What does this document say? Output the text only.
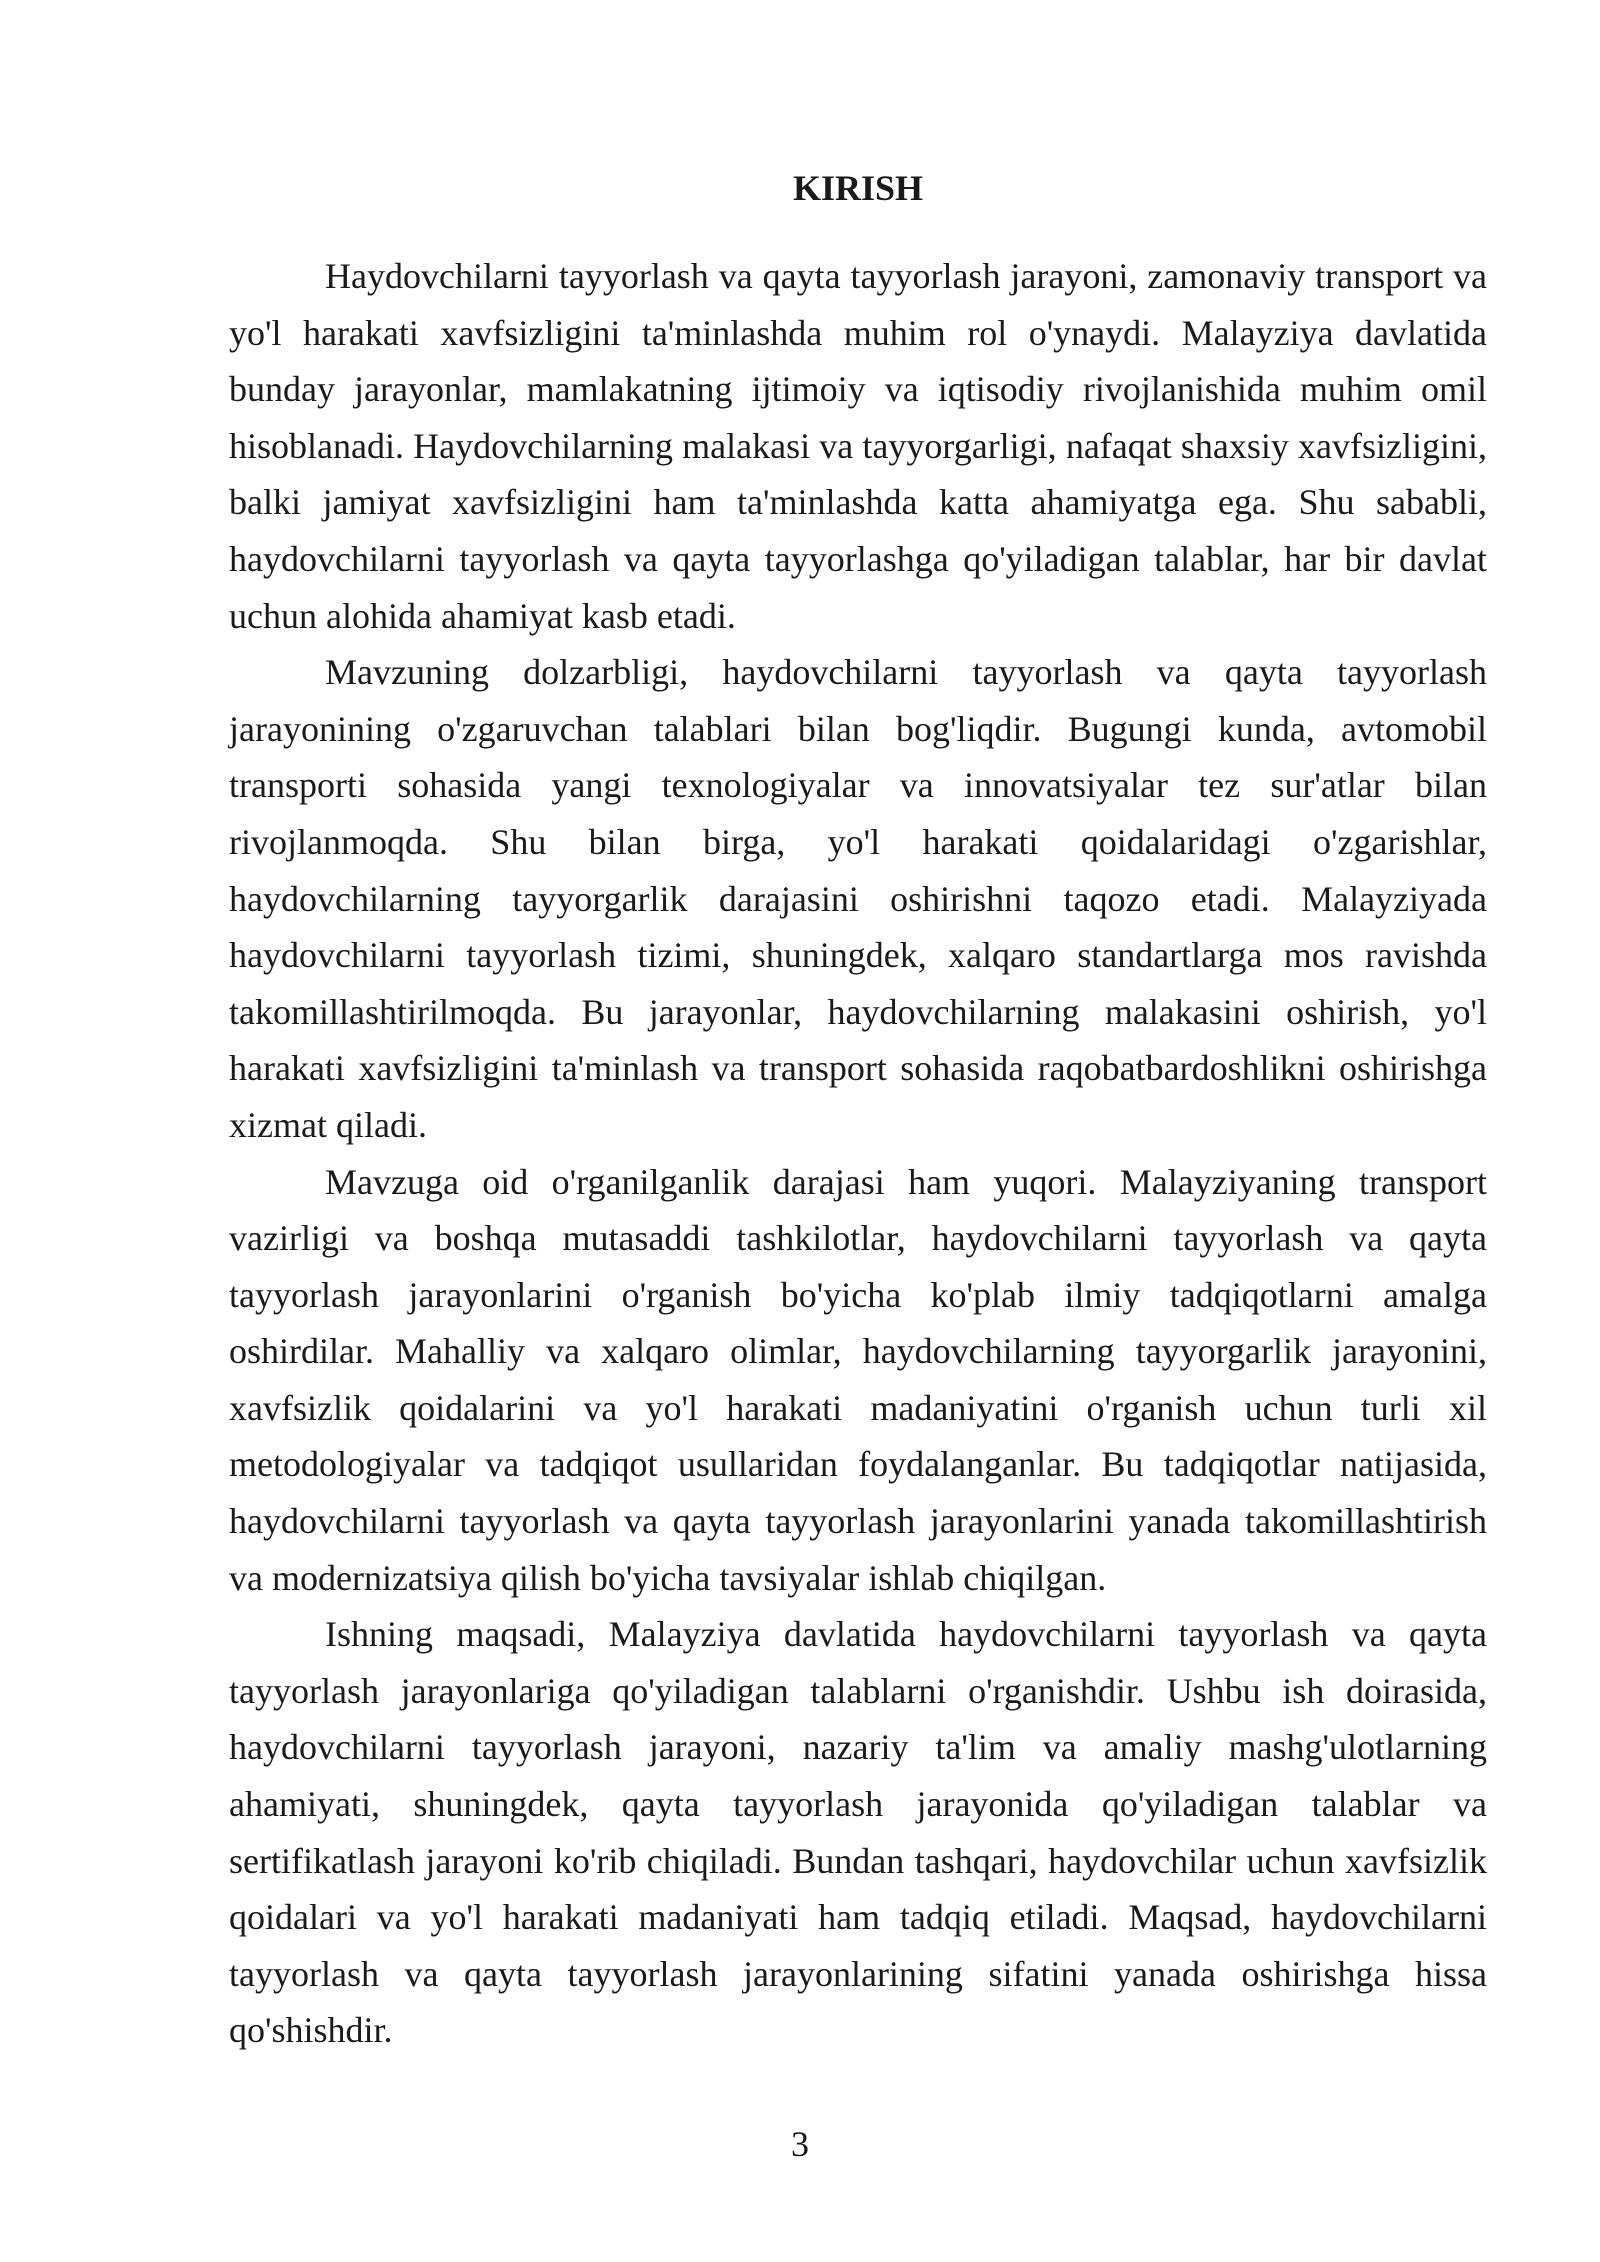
KIRISH

Haydovchilarni tayyorlash va qayta tayyorlash jarayoni, zamonaviy transport va yo'l harakati xavfsizligini ta'minlashda muhim rol o'ynaydi. Malayziya davlatida bunday jarayonlar, mamlakatning ijtimoiy va iqtisodiy rivojlanishida muhim omil hisoblanadi. Haydovchilarning malakasi va tayyorgarligi, nafaqat shaxsiy xavfsizligini, balki jamiyat xavfsizligini ham ta'minlashda katta ahamiyatga ega. Shu sababli, haydovchilarni tayyorlash va qayta tayyorlashga qo'yiladigan talablar, har bir davlat uchun alohida ahamiyat kasb etadi.

Mavzuning dolzarbligi, haydovchilarni tayyorlash va qayta tayyorlash jarayonining o'zgaruvchan talablari bilan bog'liqdir. Bugungi kunda, avtomobil transporti sohasida yangi texnologiyalar va innovatsiyalar tez sur'atlar bilan rivojlanmoqda. Shu bilan birga, yo'l harakati qoidalaridagi o'zgarishlar, haydovchilarning tayyorgarlik darajasini oshirishni taqozo etadi. Malayziyada haydovchilarni tayyorlash tizimi, shuningdek, xalqaro standartlarga mos ravishda takomillashtirilmoqda. Bu jarayonlar, haydovchilarning malakasini oshirish, yo'l harakati xavfsizligini ta'minlash va transport sohasida raqobatbardoshlikni oshirishga xizmat qiladi.

Mavzuga oid o'rganilganlik darajasi ham yuqori. Malayziyaning transport vazirligi va boshqa mutasaddi tashkilotlar, haydovchilarni tayyorlash va qayta tayyorlash jarayonlarini o'rganish bo'yicha ko'plab ilmiy tadqiqotlarni amalga oshirdilar. Mahalliy va xalqaro olimlar, haydovchilarning tayyorgarlik jarayonini, xavfsizlik qoidalarini va yo'l harakati madaniyatini o'rganish uchun turli xil metodologiyalar va tadqiqot usullaridan foydalanganlar. Bu tadqiqotlar natijasida, haydovchilarni tayyorlash va qayta tayyorlash jarayonlarini yanada takomillashtirish va modernizatsiya qilish bo'yicha tavsiyalar ishlab chiqilgan.

Ishning maqsadi, Malayziya davlatida haydovchilarni tayyorlash va qayta tayyorlash jarayonlariga qo'yiladigan talablarni o'rganishdir. Ushbu ish doirasida, haydovchilarni tayyorlash jarayoni, nazariy ta'lim va amaliy mashg'ulotlarning ahamiyati, shuningdek, qayta tayyorlash jarayonida qo'yiladigan talablar va sertifikatlash jarayoni ko'rib chiqiladi. Bundan tashqari, haydovchilar uchun xavfsizlik qoidalari va yo'l harakati madaniyati ham tadqiq etiladi. Maqsad, haydovchilarni tayyorlash va qayta tayyorlash jarayonlarining sifatini yanada oshirishga hissa qo'shishdir.

3
